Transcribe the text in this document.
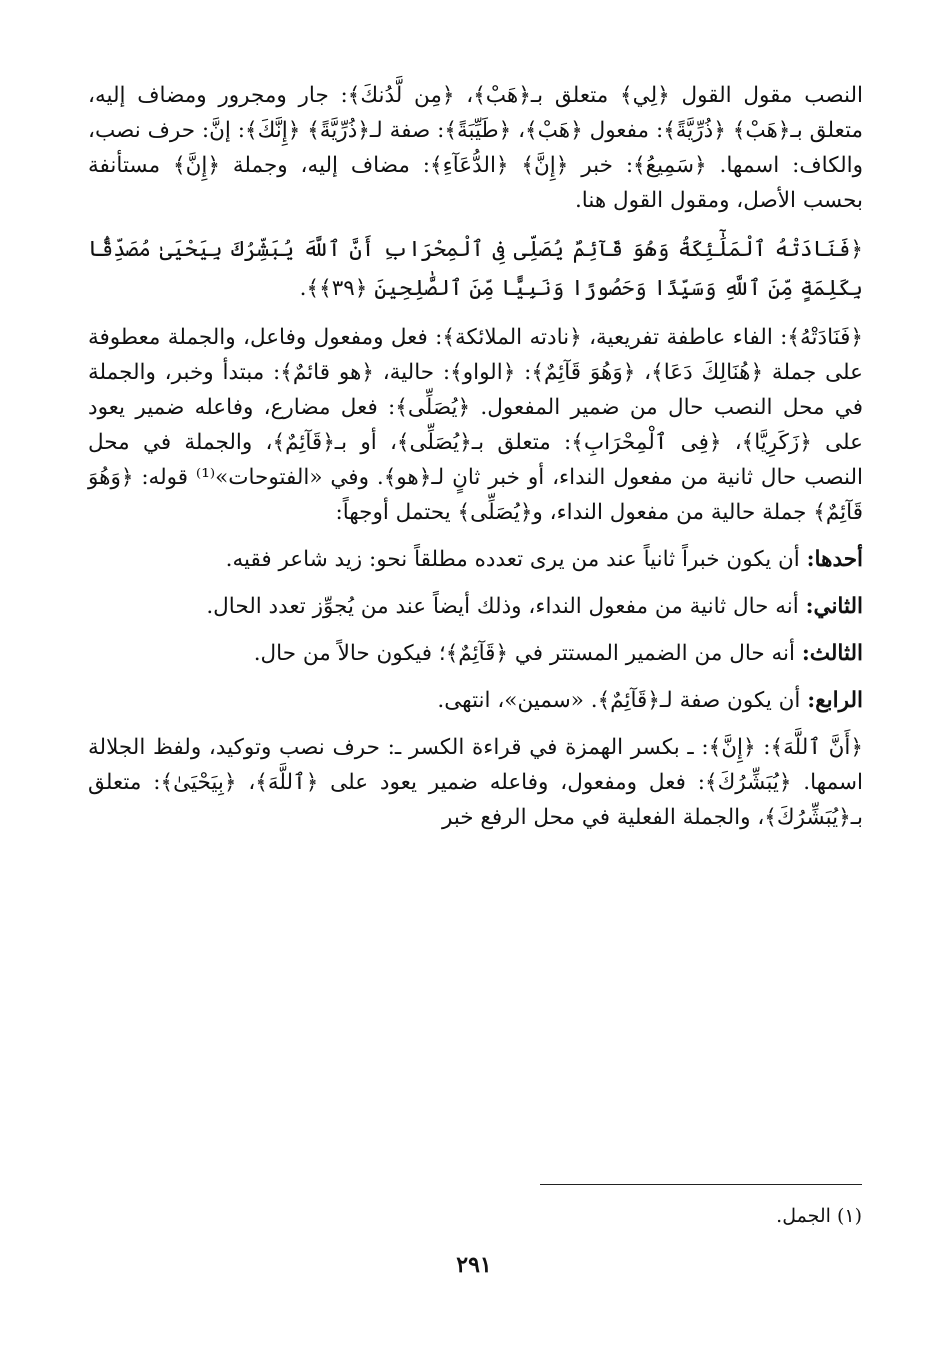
النصب مقول القول ﴿لِي﴾ متعلق بـ﴿هَبْ﴾، ﴿مِن لَّدُنكَ﴾: جار ومجرور ومضاف إليه، متعلق بـ﴿هَبْ﴾ ﴿ذُرِّيَّةً﴾: مفعول ﴿هَبْ﴾، ﴿طَيِّبَةً﴾: صفة لـ﴿ذُرِّيَّةً﴾ ﴿إِنَّكَ﴾: إنَّ: حرف نصب، والكاف: اسمها. ﴿سَمِيعُ﴾: خبر ﴿إِنَّ﴾ ﴿الدُّعَآءِ﴾: مضاف إليه، وجملة ﴿إِنَّ﴾ مستأنفة بحسب الأصل، ومقول القول هنا.

﴿فَنَادَتْهُ ٱلْمَلَٰٓئِكَةُ وَهُوَ قَآئِمٌ يُصَلِّى فِى ٱلْمِحْرَابِ أَنَّ ٱللَّهَ يُبَشِّرُكَ بِيَحْيَىٰ مُصَدِّقًۢا بِكَلِمَةٍ مِّنَ ٱللَّهِ وَسَيِّدًا وَحَصُورًا وَنَبِيًّا مِّنَ ٱلصَّٰلِحِينَ ﴿٣٩﴾﴾.

﴿فَنَادَتْهُ﴾: الفاء عاطفة تفريعية، ﴿نادته الملائكة﴾: فعل ومفعول وفاعل، والجملة معطوفة على جملة ﴿هُنَالِكَ دَعَا﴾، ﴿وَهُوَ قَآئِمٌ﴾: ﴿الواو﴾: حالية، ﴿هو قائمٌ﴾: مبتدأ وخبر، والجملة في محل النصب حال من ضمير المفعول. ﴿يُصَلِّى﴾: فعل مضارع، وفاعله ضمير يعود على ﴿زَكَرِيَّا﴾، ﴿فِى ٱلْمِحْرَابِ﴾: متعلق بـ﴿يُصَلِّى﴾، أو بـ﴿قَآئِمٌ﴾، والجملة في محل النصب حال ثانية من مفعول النداء، أو خبر ثانٍ لـ﴿هو﴾. وفي «الفتوحات»⁽¹⁾ قوله: ﴿وَهُوَ قَآئِمٌ﴾ جملة حالية من مفعول النداء، و﴿يُصَلِّى﴾ يحتمل أوجهاً:

أحدها: أن يكون خبراً ثانياً عند من يرى تعدده مطلقاً نحو: زيد شاعر فقيه.

الثاني: أنه حال ثانية من مفعول النداء، وذلك أيضاً عند من يُجوِّز تعدد الحال.

الثالث: أنه حال من الضمير المستتر في ﴿قَآئِمٌ﴾؛ فيكون حالاً من حال.

الرابع: أن يكون صفة لـ﴿قَآئِمٌ﴾. «سمين»، انتهى.

﴿أَنَّ ٱللَّهَ﴾: ﴿إِنَّ﴾: ـ بكسر الهمزة في قراءة الكسر ـ: حرف نصب وتوكيد، ولفظ الجلالة اسمها. ﴿يُبَشِّرُكَ﴾: فعل ومفعول، وفاعله ضمير يعود على ﴿ٱللَّهَ﴾، ﴿بِيَحْيَىٰ﴾: متعلق بـ﴿يُبَشِّرُكَ﴾، والجملة الفعلية في محل الرفع خبر

(١) الجمل.
٢٩١
